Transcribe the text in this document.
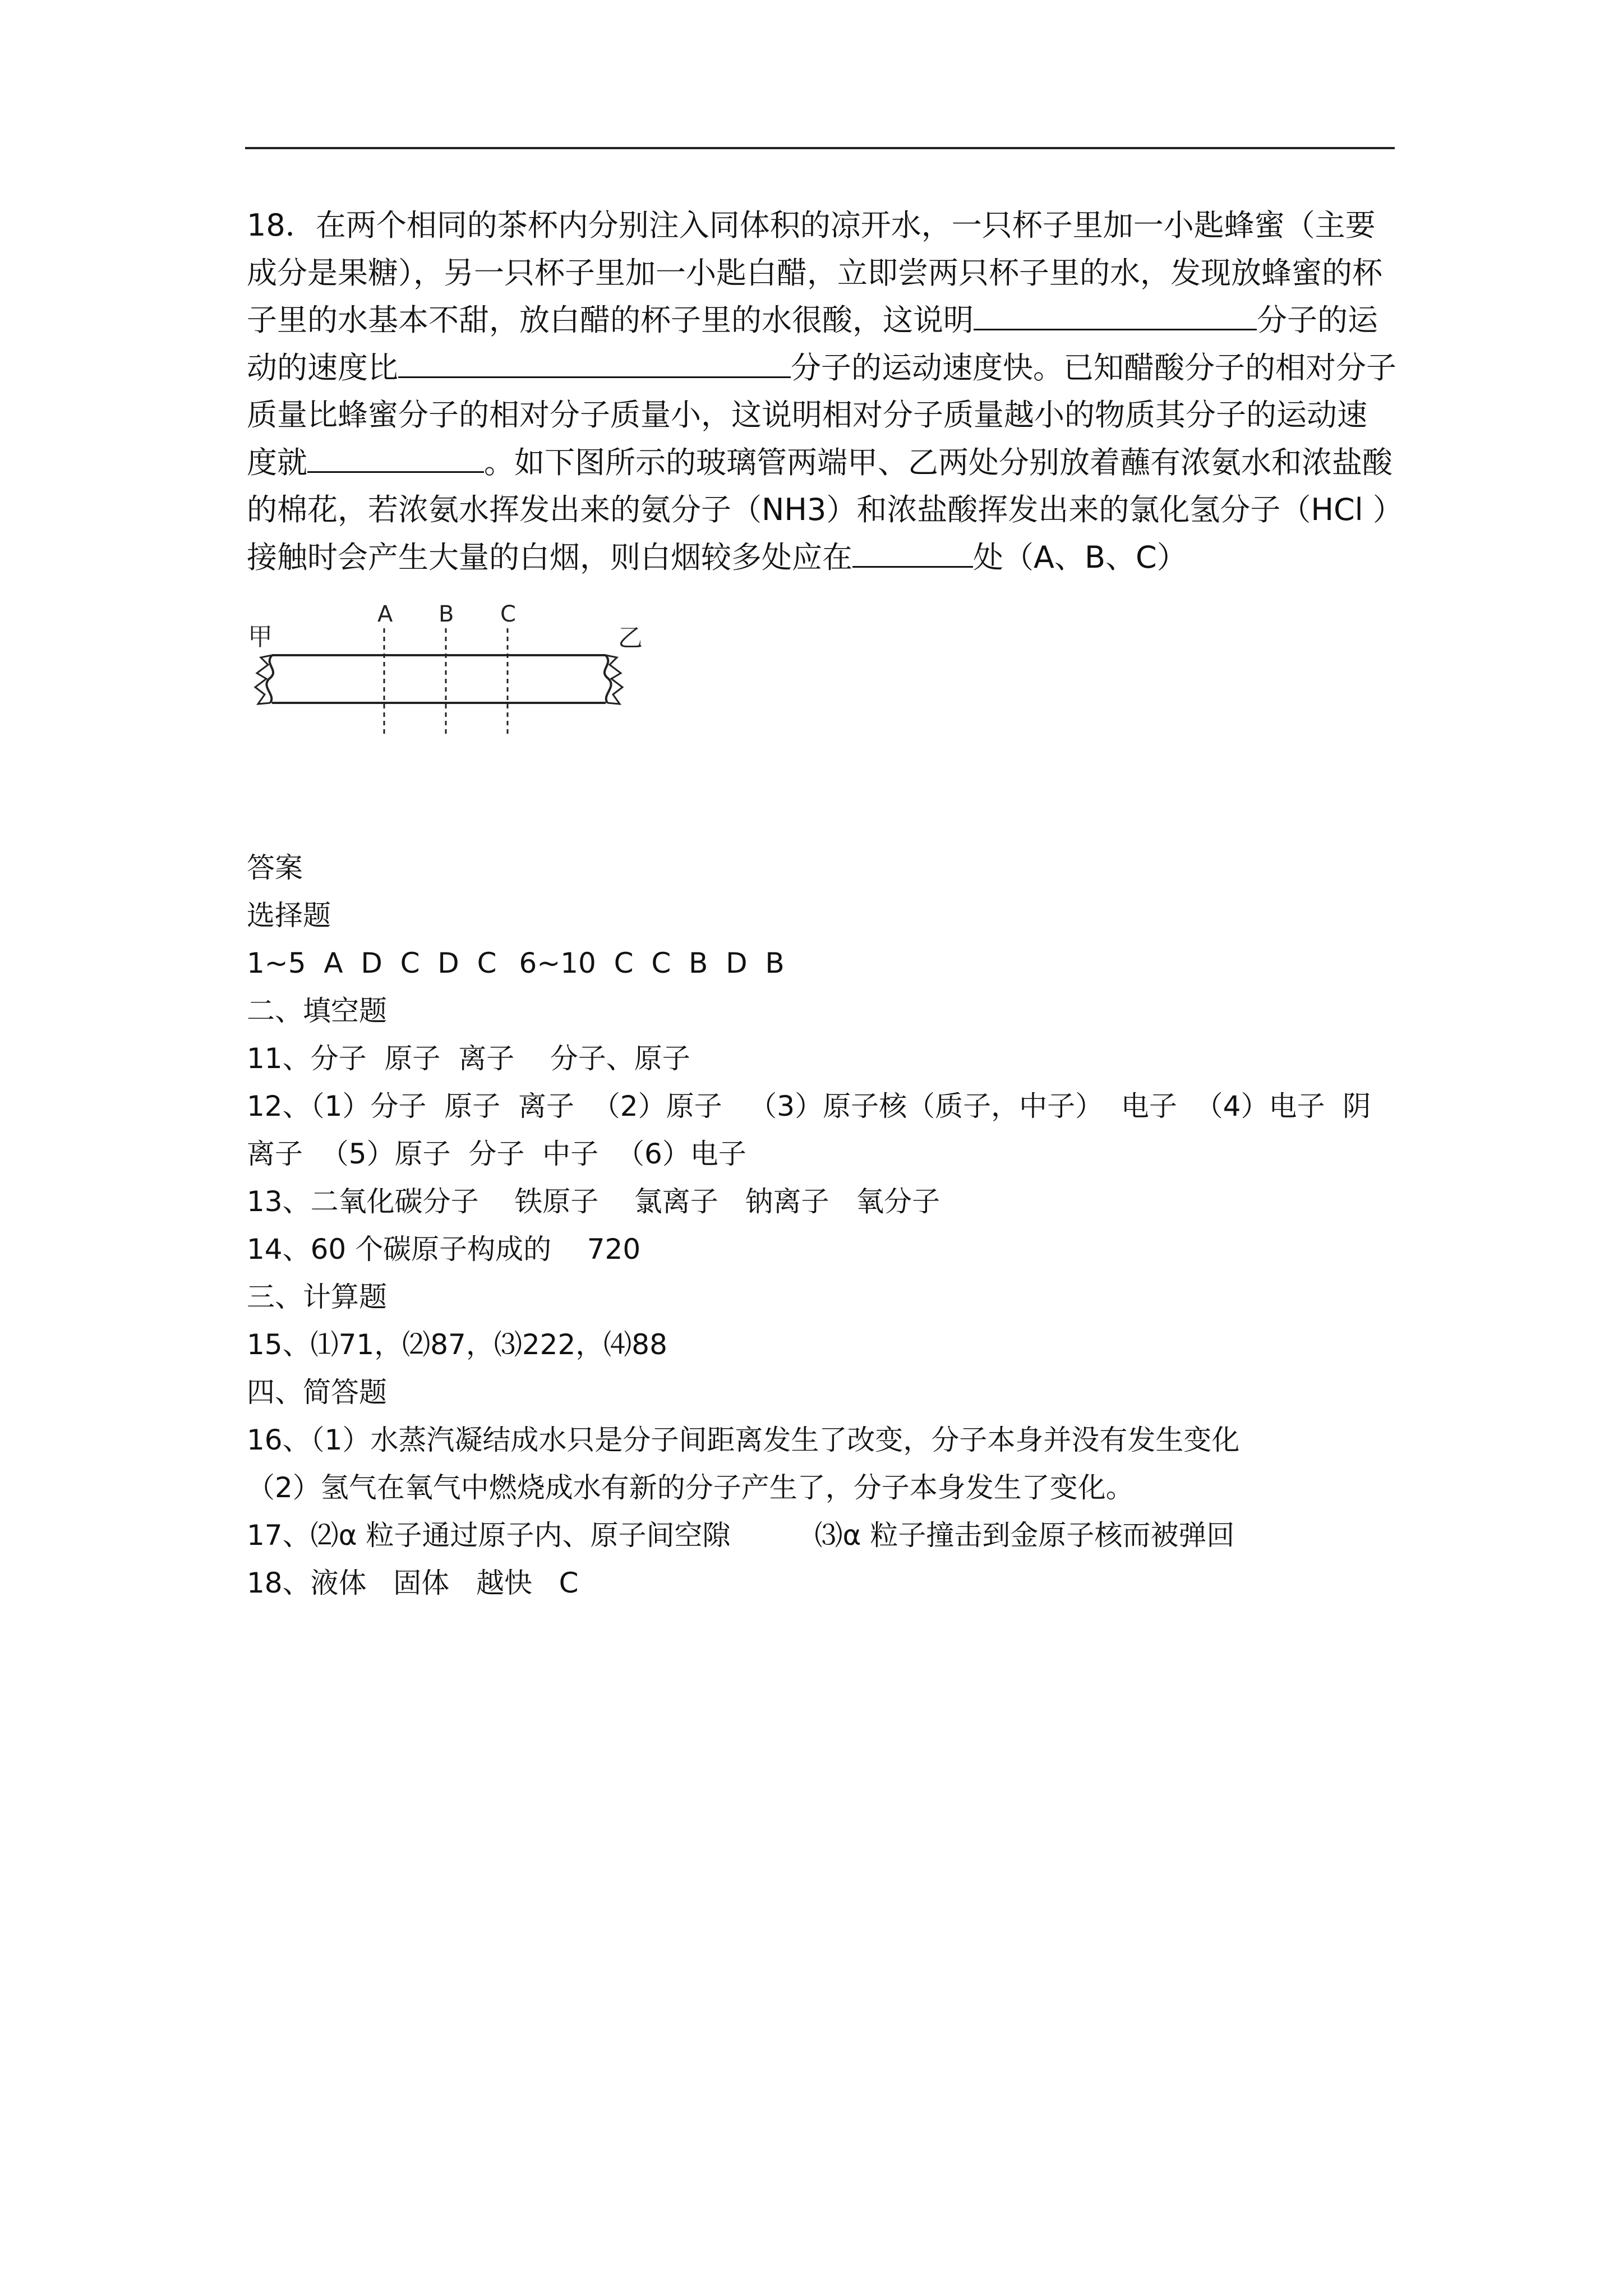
18．在两个相同的茶杯内分别注入同体积的凉开水，一只杯子里加一小匙蜂蜜（主要成分是果糖），另一只杯子里加一小匙白醋，立即尝两只杯子里的水，发现放蜂蜜的杯子里的水基本不甜，放白醋的杯子里的水很酸，这说明	分子的运动的速度比	分子的运动速度快。已知醋酸分子的相对分子质量比蜂蜜分子的相对分子质量小，这说明相对分子质量越小的物质其分子的运动速度就	。如下图所示的玻璃管两端甲、乙两处分别放着蘸有浓氨水和浓盐酸的棉花，若浓氨水挥发出来的氨分子（NH3）和浓盐酸挥发出来的氯化氢分子（HCl ）接触时会产生大量的白烟，则白烟较多处应在	处（A、B、C）
甲	乙
A B C
答案
选择题
1~5 A  D  C  D  C 6~10 C  C  B  D  B
二、填空题
11、分子  原子  离子    分子、原子
12、（1）分子  原子  离子  （2）原子   （3）原子核（质子，中子）  电子  （4）电子  阴离子  （5）原子  分子  中子  （6）电子
13、二氧化碳分子    铁原子    氯离子   钠离子   氧分子
14、60 个碳原子构成的    720
三、计算题
15、⑴71，⑵87，⑶222，⑷88
四、简答题
16、（1）水蒸汽凝结成水只是分子间距离发生了改变，分子本身并没有发生变化
（2）氢气在氧气中燃烧成水有新的分子产生了，分子本身发生了变化。
17、⑵α 粒子通过原子内、原子间空隙	⑶α 粒子撞击到金原子核而被弹回
18、液体   固体   越快   C
